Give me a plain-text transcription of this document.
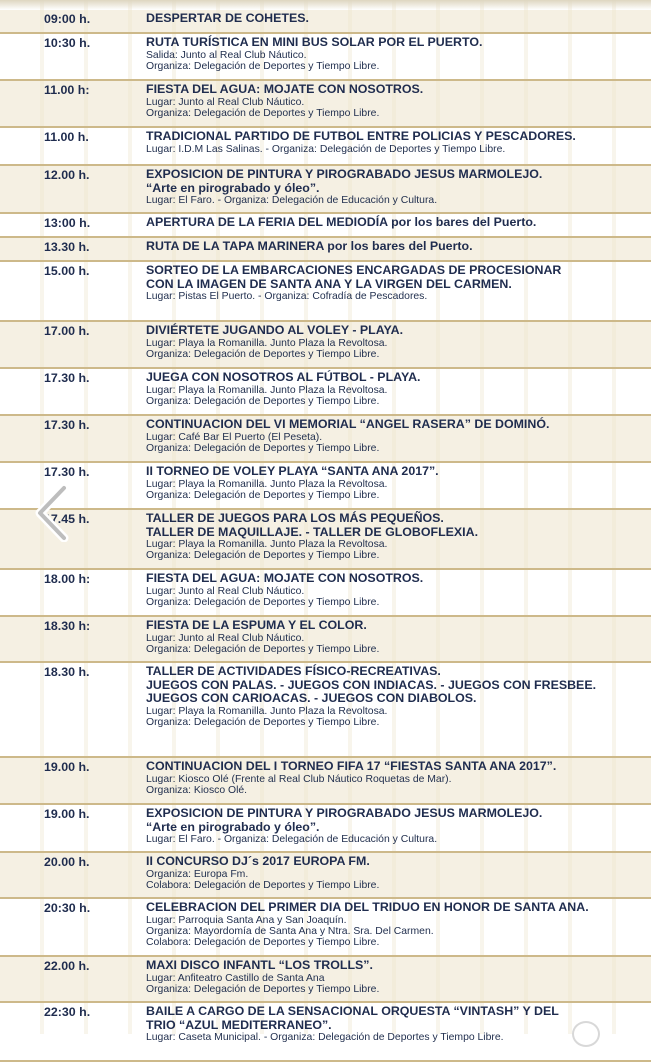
09:00 h.	DESPERTAR DE COHETES.
10:30 h.	RUTA TURÍSTICA EN MINI BUS SOLAR POR EL PUERTO.
Salida: Junto al Real Club Náutico.
Organiza: Delegación de Deportes y Tiempo Libre.
11.00 h:	FIESTA DEL AGUA: MOJATE CON NOSOTROS.
Lugar: Junto al Real Club Náutico.
Organiza: Delegación de Deportes y Tiempo Libre.
11.00 h.	TRADICIONAL PARTIDO DE FUTBOL ENTRE POLICIAS Y PESCADORES.
Lugar: I.D.M Las Salinas. - Organiza: Delegación de Deportes y Tiempo Libre.
12.00 h.	EXPOSICION DE PINTURA Y PIROGRABADO JESUS MARMOLEJO.
“Arte en pirograbado y óleo”.
Lugar: El Faro. - Organiza: Delegación de Educación y Cultura.
13:00 h.	APERTURA DE LA FERIA DEL MEDIODÍA por los bares del Puerto.
13.30 h.	RUTA DE LA TAPA MARINERA por los bares del Puerto.
15.00 h.	SORTEO DE LA EMBARCACIONES ENCARGADAS DE PROCESIONAR
CON LA IMAGEN DE SANTA ANA Y LA VIRGEN DEL CARMEN.
Lugar: Pistas El Puerto. - Organiza: Cofradía de Pescadores.
17.00 h.	DIVIÉRTETE JUGANDO AL VOLEY - PLAYA.
Lugar: Playa la Romanilla. Junto Plaza la Revoltosa.
Organiza: Delegación de Deportes y Tiempo Libre.
17.30 h.	JUEGA CON NOSOTROS AL FÚTBOL - PLAYA.
Lugar: Playa la Romanilla. Junto Plaza la Revoltosa.
Organiza: Delegación de Deportes y Tiempo Libre.
17.30 h.	CONTINUACION DEL VI MEMORIAL “ANGEL RASERA” DE DOMINÓ.
Lugar: Café Bar El Puerto (El Peseta).
Organiza: Delegación de Deportes y Tiempo Libre.
17.30 h.	II TORNEO DE VOLEY PLAYA “SANTA ANA 2017”.
Lugar: Playa la Romanilla. Junto Plaza la Revoltosa.
Organiza: Delegación de Deportes y Tiempo Libre.
17.45 h.	TALLER DE JUEGOS PARA LOS MÁS PEQUEÑOS.
TALLER DE MAQUILLAJE. - TALLER DE GLOBOFLEXIA.
Lugar: Playa la Romanilla. Junto Plaza la Revoltosa.
Organiza: Delegación de Deportes y Tiempo Libre.
18.00 h:	FIESTA DEL AGUA: MOJATE CON NOSOTROS.
Lugar: Junto al Real Club Náutico.
Organiza: Delegación de Deportes y Tiempo Libre.
18.30 h:	FIESTA DE LA ESPUMA Y EL COLOR.
Lugar: Junto al Real Club Náutico.
Organiza: Delegación de Deportes y Tiempo Libre.
18.30 h.	TALLER DE ACTIVIDADES FÍSICO-RECREATIVAS.
JUEGOS CON PALAS. - JUEGOS CON INDIACAS. - JUEGOS CON FRESBEE.
JUEGOS CON CARIOACAS. - JUEGOS CON DIABOLOS.
Lugar: Playa la Romanilla. Junto Plaza la Revoltosa.
Organiza: Delegación de Deportes y Tiempo Libre.
19.00 h.	CONTINUACION DEL I TORNEO FIFA 17 “FIESTAS SANTA ANA 2017”.
Lugar: Kiosco Olé (Frente al Real Club Náutico Roquetas de Mar).
Organiza: Kiosco Olé.
19.00 h.	EXPOSICION DE PINTURA Y PIROGRABADO JESUS MARMOLEJO.
“Arte en pirograbado y óleo”.
Lugar: El Faro. - Organiza: Delegación de Educación y Cultura.
20.00 h.	II CONCURSO DJ´s 2017 EUROPA FM.
Organiza: Europa Fm.
Colabora: Delegación de Deportes y Tiempo Libre.
20:30 h.	CELEBRACION DEL PRIMER DIA DEL TRIDUO EN HONOR DE SANTA ANA.
Lugar: Parroquia Santa Ana y San Joaquín.
Organiza: Mayordomía de Santa Ana y Ntra. Sra. Del Carmen.
Colabora: Delegación de Deportes y Tiempo Libre.
22.00 h.	MAXI DISCO INFANTL “LOS TROLLS”.
Lugar: Anfiteatro Castillo de Santa Ana
Organiza: Delegación de Deportes y Tiempo Libre.
22:30 h.	BAILE A CARGO DE LA SENSACIONAL ORQUESTA “VINTASH” Y DEL
TRIO “AZUL MEDITERRANEO”.
Lugar: Caseta Municipal. - Organiza: Delegación de Deportes y Tiempo Libre.
